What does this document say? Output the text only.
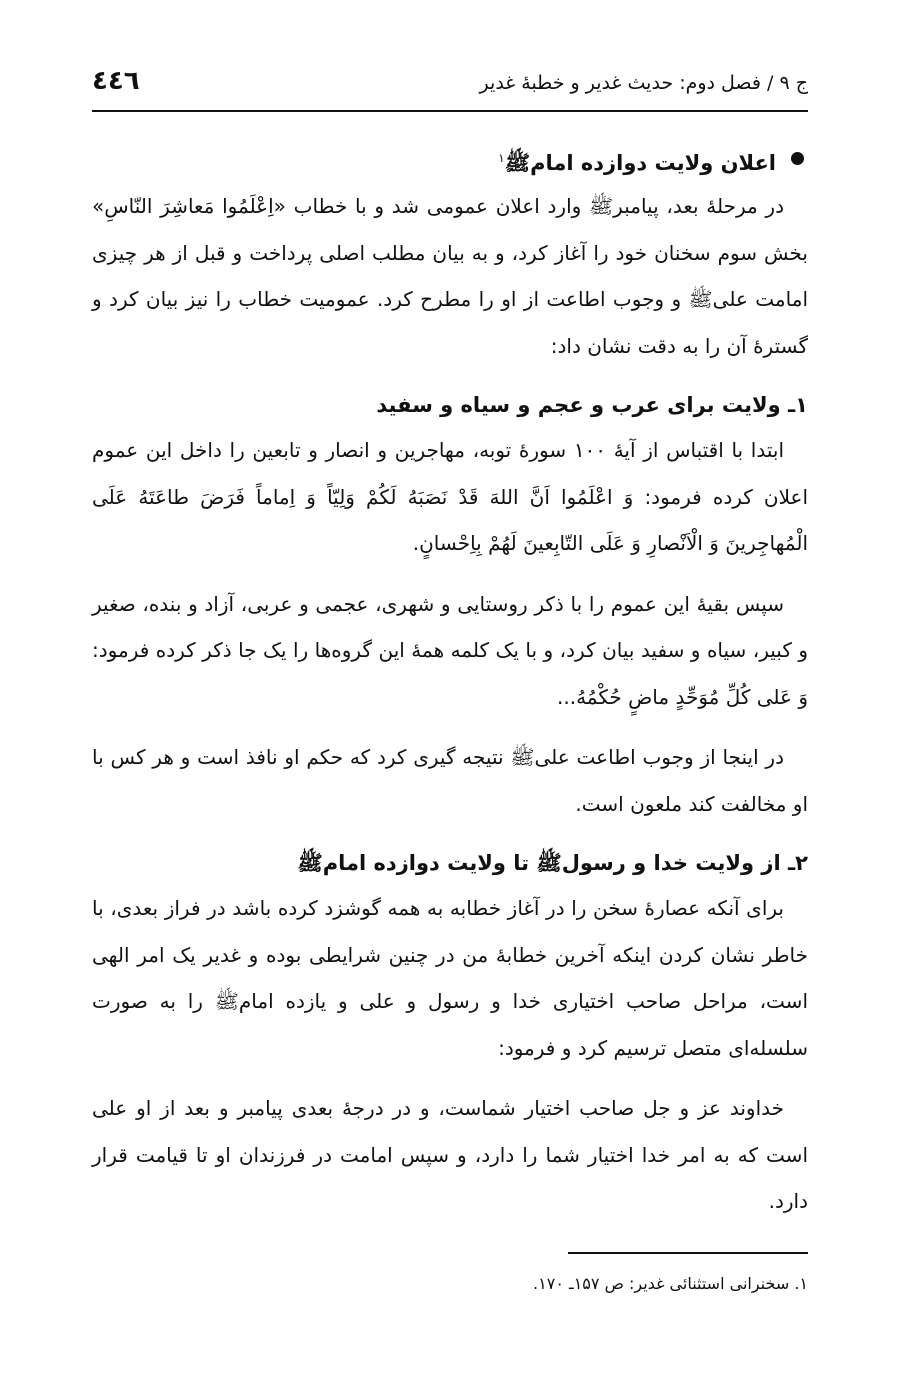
ج ۹ / فصل دوم: حدیث غدیر و خطبهٔ غدیر
٤٤٦
اعلان ولایت دوازده امامﷺ$^۱$

در مرحلهٔ بعد، پیامبرﷺ وارد اعلان عمومی شد و با خطاب «اِعْلَمُوا مَعاشِرَ النّاسِ» بخش سوم سخنان خود را آغاز کرد، و به بیان مطلب اصلی پرداخت و قبل از هر چیزی امامت علیﷺ و وجوب اطاعت از او را مطرح کرد. عمومیت خطاب را نیز بیان کرد و گسترهٔ آن را به دقت نشان داد:

۱ـ ولایت برای عرب و عجم و سیاه و سفید

ابتدا با اقتباس از آیهٔ ۱۰۰ سورهٔ توبه، مهاجرین و انصار و تابعین را داخل این عموم اعلان کرده فرمود: وَ اعْلَمُوا اَنَّ اللهَ قَدْ نَصَبَهُ لَكُمْ وَلِيّاً وَ اِماماً فَرَضَ طاعَتَهُ عَلَى الْمُهاجِرينَ وَ الْاَنْصارِ وَ عَلَى التّابِعينَ لَهُمْ بِاِحْسانٍ.

سپس بقیهٔ این عموم را با ذکر روستایی و شهری، عجمی و عربی، آزاد و بنده، صغیر و کبیر، سیاه و سفید بیان کرد، و با یک کلمه همهٔ این گروه‌ها را یک جا ذکر کرده فرمود: وَ عَلى كُلِّ مُوَحِّدٍ ماضٍ حُكْمُهُ...

در اینجا از وجوب اطاعت علیﷺ نتیجه گیری کرد که حکم او نافذ است و هر کس با او مخالفت کند ملعون است.

۲ـ از ولایت خدا و رسولﷺ تا ولایت دوازده امامﷺ

برای آنکه عصارهٔ سخن را در آغاز خطابه به همه گوشزد کرده باشد در فراز بعدی، با خاطر نشان کردن اینکه آخرین خطابهٔ من در چنین شرایطی بوده و غدیر یک امر الهی است، مراحل صاحب اختیاری خدا و رسول و علی و یازده امامﷺ را به صورت سلسله‌ای متصل ترسیم کرد و فرمود:

خداوند عز و جل صاحب اختیار شماست، و در درجهٔ بعدی پیامبر و بعد از او علی است که به امر خدا اختیار شما را دارد، و سپس امامت در فرزندان او تا قیامت قرار دارد.

۱. سخنرانی استثنائی غدیر: ص ۱۵۷ـ ۱۷۰.
